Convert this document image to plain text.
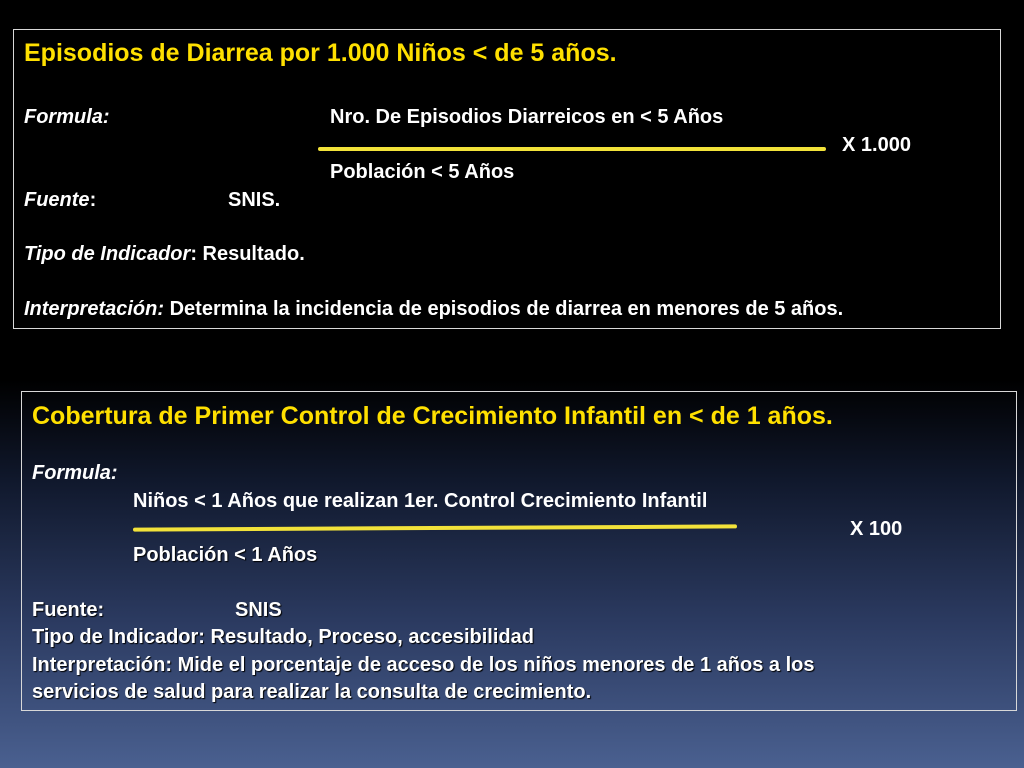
Episodios de Diarrea por 1.000 Niños < de 5 años.
Formula:	Nro. De Episodios Diarreicos en < 5 Años
X 1.000
Población < 5 Años
Fuente:	SNIS.
Tipo de Indicador: Resultado.
Interpretación: Determina la incidencia de episodios de diarrea en menores de 5 años.
Cobertura de Primer Control de Crecimiento Infantil en < de 1 años.
Formula:
Niños < 1 Años que realizan 1er. Control Crecimiento Infantil
X 100
Población < 1 Años
Fuente:	SNIS
Tipo de Indicador: Resultado, Proceso, accesibilidad
Interpretación: Mide el porcentaje de acceso de los niños menores de 1 años a los
servicios de salud para realizar la consulta de crecimiento.
